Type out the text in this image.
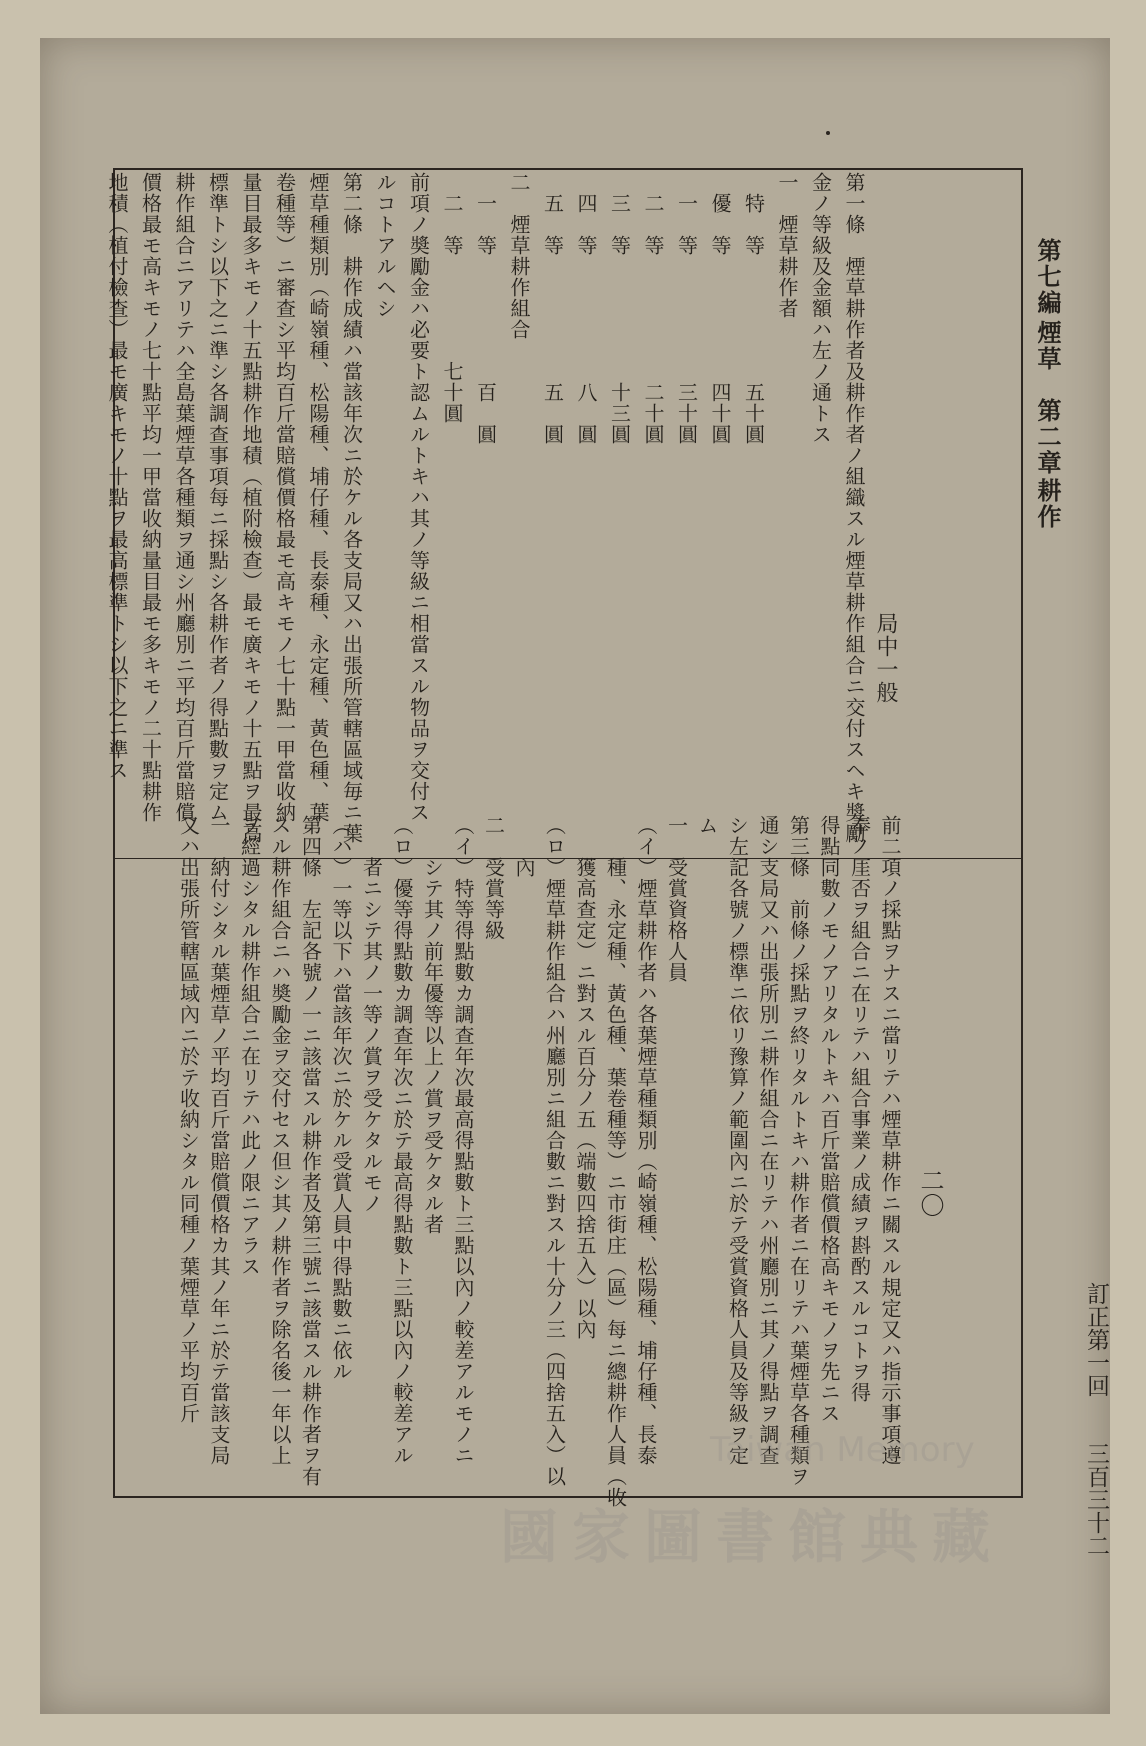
第七編
煙草
第二章
耕作
局中一般
第一條　煙草耕作者及耕作者ノ組織スル煙草耕作組合ニ交付スヘキ奬勵
金ノ等級及金額ハ左ノ通トス
一　煙草耕作者
　特　等　　　　　　五十圓
　優　等　　　　　　四十圓
　一　等　　　　　　三十圓
　二　等　　　　　　二十圓
　三　等　　　　　　十三圓
　四　等　　　　　　八　圓
　五　等　　　　　　五　圓
二　煙草耕作組合
　一　等　　　　　　百　圓
　二　等　　　　　七十圓
前項ノ奬勵金ハ必要ト認ムルトキハ其ノ等級ニ相當スル物品ヲ交付ス
ルコトアルヘシ
第二條　耕作成績ハ當該年次ニ於ケル各支局又ハ出張所管轄區域毎ニ葉
煙草種類別（崎嶺種、松陽種、埔仔種、長泰種、永定種、黃色種、葉
卷種等）ニ審查シ平均百斤當賠償價格最モ高キモノ七十點一甲當收納
量目最多キモノ十五點耕作地積（植附檢查）最モ廣キモノ十五點ヲ最高
標準トシ以下之ニ準シ各調查事項每ニ採點シ各耕作者ノ得點數ヲ定ム
耕作組合ニアリテハ全島葉煙草各種類ヲ通シ州廳別ニ平均百斤當賠償
價格最モ高キモノ七十點平均一甲當收納量目最モ多キモノ二十點耕作
地積（植付檢查）最モ廣キモノ十點ヲ最高標準トシ以下之ニ準ス
前二項ノ採點ヲナスニ當リテハ煙草耕作ニ關スル規定又ハ指示事項遵
奉ノ厓否ヲ組合ニ在リテハ組合事業ノ成績ヲ斟酌スルコトヲ得
得點同數ノモノアリタルトキハ百斤當賠償價格高キモノヲ先ニス
第三條　前條ノ採點ヲ終リタルトキハ耕作者ニ在リテハ葉煙草各種類ヲ
通シ支局又ハ出張所別ニ耕作組合ニ在リテハ州廳別ニ其ノ得點ヲ調查
シ左記各號ノ標準ニ依リ豫算ノ範圍內ニ於テ受賞資格人員及等級ヲ定
ム
一　受賞資格人員
（イ）煙草耕作者ハ各葉煙草種類別（崎嶺種、松陽種、埔仔種、長泰
　　種、永定種、黃色種、葉卷種等）ニ市街庄（區）每ニ總耕作人員（收
　　獲高查定）ニ對スル百分ノ五（端數四捨五入）以內
（ロ）煙草耕作組合ハ州廳別ニ組合數ニ對スル十分ノ三（四捨五入）以
　　內
二　受賞等級
（イ）特等得點數カ調查年次最高得點數ト三點以內ノ較差アルモノニ
　　シテ其ノ前年優等以上ノ賞ヲ受ケタル者
（ロ）優等得點數カ調查年次ニ於テ最高得點數ト三點以內ノ較差アル
　　者ニシテ其ノ一等ノ賞ヲ受ケタルモノ
（ハ）一等以下ハ當該年次ニ於ケル受賞人員中得點數ニ依ル
第四條　左記各號ノ一ニ該當スル耕作者及第三號ニ該當スル耕作者ヲ有
スル耕作組合ニハ奬勵金ヲ交付セス但シ其ノ耕作者ヲ除名後一年以上
ヲ經過シタル耕作組合ニ在リテハ此ノ限ニアラス
一　納付シタル葉煙草ノ平均百斤當賠償價格カ其ノ年ニ於テ當該支局
又ハ出張所管轄區域內ニ於テ收納シタル同種ノ葉煙草ノ平均百斤	二〇
訂正第一回
三百三十二
Taiwan Memory
國家圖書館典藏
